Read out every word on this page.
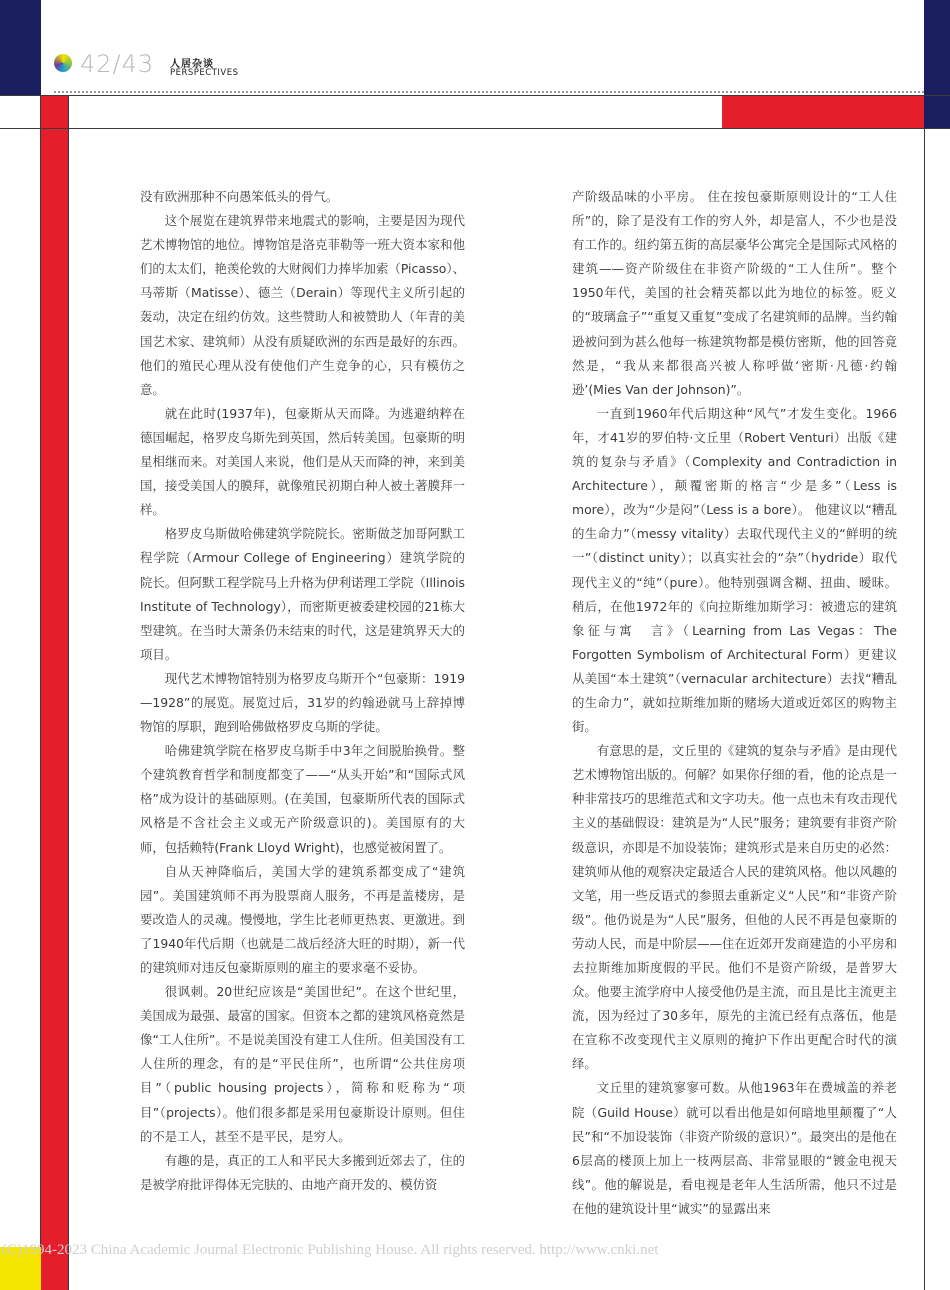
42/43 人居杂谈
PERSPECTIVES

没有欧洲那种不向愚笨低头的骨气。

这个展览在建筑界带来地震式的影响，主要是因为现代艺术博物馆的地位。博物馆是洛克菲勒等一班大资本家和他们的太太们，艳羡伦敦的大财阀们力捧毕加索（Picasso）、马蒂斯（Matisse）、德兰（Derain）等现代主义所引起的轰动，决定在纽约仿效。这些赞助人和被赞助人（年青的美国艺术家、建筑师）从没有质疑欧洲的东西是最好的东西。他们的殖民心理从没有使他们产生竞争的心，只有模仿之意。

就在此时(1937年)，包豪斯从天而降。为逃避纳粹在德国崛起，格罗皮乌斯先到英国，然后转美国。包豪斯的明星相继而来。对美国人来说，他们是从天而降的神，来到美国，接受美国人的膜拜，就像殖民初期白种人被土著膜拜一样。

格罗皮乌斯做哈佛建筑学院院长。密斯做芝加哥阿默工程学院（Armour College of Engineering）建筑学院的院长。但阿默工程学院马上升格为伊利诺理工学院（Illinois Institute of Technology），而密斯更被委建校园的21栋大型建筑。在当时大萧条仍未结束的时代，这是建筑界天大的项目。

现代艺术博物馆特别为格罗皮乌斯开个“包豪斯：1919—1928”的展览。展览过后，31岁的约翰逊就马上辞掉博物馆的厚职，跑到哈佛做格罗皮乌斯的学徒。

哈佛建筑学院在格罗皮乌斯手中3年之间脱胎换骨。整个建筑教育哲学和制度都变了——“从头开始”和“国际式风格”成为设计的基础原则。(在美国，包豪斯所代表的国际式风格是不含社会主义或无产阶级意识的)。美国原有的大师，包括赖特(Frank Lloyd Wright)，也感觉被闲置了。

自从天神降临后，美国大学的建筑系都变成了“建筑园”。美国建筑师不再为股票商人服务，不再是盖楼房，是要改造人的灵魂。慢慢地，学生比老师更热衷、更激进。到了1940年代后期（也就是二战后经济大旺的时期），新一代的建筑师对违反包豪斯原则的雇主的要求毫不妥协。

很讽刺。20世纪应该是“美国世纪”。在这个世纪里，美国成为最强、最富的国家。但资本之都的建筑风格竟然是像“工人住所”。不是说美国没有建工人住所。但美国没有工人住所的理念，有的是“平民住所”，也所谓“公共住房项目”（public housing projects），简称和贬称为“项目”（projects）。他们很多都是采用包豪斯设计原则。但住的不是工人，甚至不是平民，是穷人。

有趣的是，真正的工人和平民大多搬到近郊去了，住的是被学府批评得体无完肤的、由地产商开发的、模仿资

产阶级品味的小平房。 住在按包豪斯原则设计的“工人住所”的，除了是没有工作的穷人外，却是富人，不少也是没有工作的。纽约第五街的高层豪华公寓完全是国际式风格的建筑——资产阶级住在非资产阶级的“工人住所”。整个1950年代，美国的社会精英都以此为地位的标签。贬义的“玻璃盒子”“重复又重复”变成了名建筑师的品牌。当约翰逊被问到为甚么他每一栋建筑物都是模仿密斯，他的回答竟然是，“我从来都很高兴被人称呼做‘密斯·凡德·约翰逊’(Mies Van der Johnson)”。

一直到1960年代后期这种“风气”才发生变化。1966年，才41岁的罗伯特·文丘里（Robert Venturi）出版《建筑的复杂与矛盾》（Complexity and Contradiction in Architecture），颠覆密斯的格言“少是多”（Less is more），改为“少是闷”（Less is a bore）。 他建议以“糟乱的生命力”（messy vitality）去取代现代主义的“鲜明的统一”（distinct unity）；以真实社会的“杂”（hydride）取代现代主义的“纯”（pure）。他特别强调含糊、扭曲、暧昧。稍后，在他1972年的《向拉斯维加斯学习：被遗忘的建筑象征与寓　言》（Learning from Las Vegas：The Forgotten Symbolism of Architectural Form）更建议从美国“本土建筑”（vernacular architecture）去找“糟乱的生命力”，就如拉斯维加斯的赌场大道或近郊区的购物主街。

有意思的是，文丘里的《建筑的复杂与矛盾》是由现代艺术博物馆出版的。何解？如果你仔细的看，他的论点是一种非常技巧的思维范式和文字功夫。他一点也未有攻击现代主义的基础假设：建筑是为“人民”服务；建筑要有非资产阶级意识，亦即是不加设装饰；建筑形式是来自历史的必然：建筑师从他的观察决定最适合人民的建筑风格。他以风趣的文笔，用一些反语式的参照去重新定义“人民”和“非资产阶级”。他仍说是为“人民”服务，但他的人民不再是包豪斯的劳动人民，而是中阶层——住在近郊开发商建造的小平房和去拉斯维加斯度假的平民。他们不是资产阶级，是普罗大众。他要主流学府中人接受他仍是主流，而且是比主流更主流，因为经过了30多年，原先的主流已经有点落伍，他是在宣称不改变现代主义原则的掩护下作出更配合时代的演绎。

文丘里的建筑寥寥可数。从他1963年在费城盖的养老院（Guild House）就可以看出他是如何暗地里颠覆了“人民”和“不加设装饰（非资产阶级的意识）”。最突出的是他在6层高的楼顶上加上一枝两层高、非常显眼的“镀金电视天线”。他的解说是，看电视是老年人生活所需，他只不过是在他的建筑设计里“诚实”的显露出来

(C)1994-2023 China Academic Journal Electronic Publishing House. All rights reserved. http://www.cnki.net
